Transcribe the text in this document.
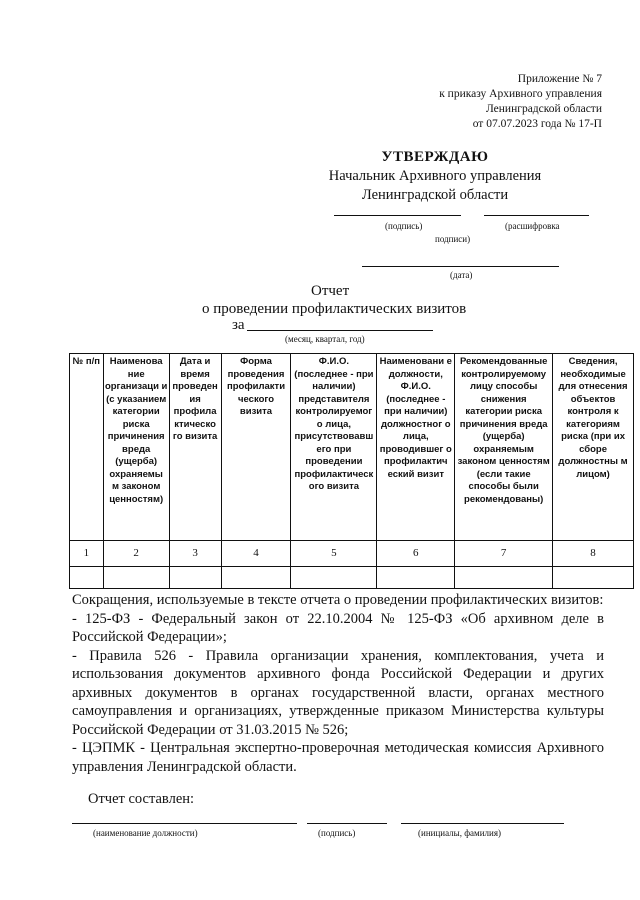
Приложение № 7
к приказу Архивного управления
Ленинградской области
от 07.07.2023 года № 17-П
УТВЕРЖДАЮ
Начальник Архивного управления
Ленинградской области
(подпись)	(расшифровка
подписи)
(дата)
Отчет
о проведении профилактических визитов
за
(месяц, квартал, год)
№ п/п	Наименова ние организаци и (с указанием категории риска причинения вреда (ущерба) охраняемы м законом ценностям)	Дата и время проведен ия профила ктическо го визита	Форма проведения профилакти ческого визита	Ф.И.О. (последнее - при наличии) представителя контролируемог о лица, присутствовавш его при проведении профилактическ ого визита	Наименовани е должности, Ф.И.О. (последнее - при наличии) должностног о лица, проводившег о профилактич еский визит	Рекомендованные контролируемому лицу способы снижения категории риска причинения вреда (ущерба) охраняемым законом ценностям (если такие способы были рекомендованы)	Сведения, необходимые для отнесения объектов контроля к категориям риска (при их сборе должностны м лицом)
1	2	3	4	5	6	7	8

Сокращения, используемые в тексте отчета о проведении профилактических визитов:

- 125-ФЗ - Федеральный закон от 22.10.2004 № 125-ФЗ «Об архивном деле в Российской Федерации»;

- Правила 526 - Правила организации хранения, комплектования, учета и использования документов архивного фонда Российской Федерации и других архивных документов в органах государственной власти, органах местного самоуправления и организациях, утвержденные приказом Министерства культуры Российской Федерации от 31.03.2015 № 526;

- ЦЭПМК - Центральная экспертно-проверочная методическая комиссия Архивного управления Ленинградской области.

Отчет составлен:
(наименование должности)	(подпись)	(инициалы, фамилия)
